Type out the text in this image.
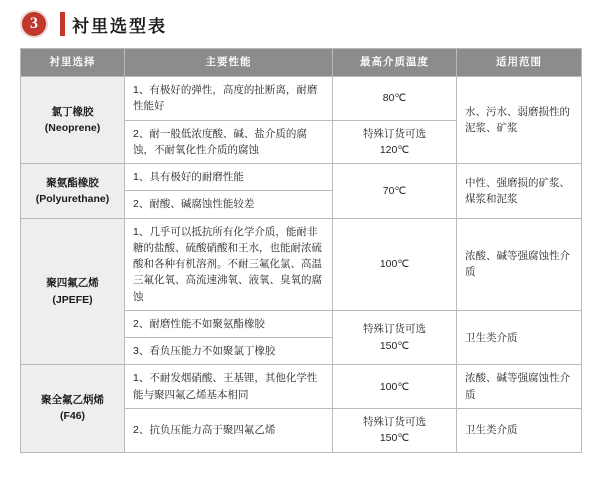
3	衬里选型表
衬里选择	主要性能	最高介质温度	适用范围

氯丁橡胶
(Neoprene)	1、有极好的弹性，高度的扯断离，耐磨性能好	80℃	水、污水、弱磨损性的泥浆、矿浆
	2、耐一般低浓度酸、碱、盐介质的腐蚀，不耐氧化性介质的腐蚀	特殊订货可选
120℃	

聚氨酯橡胶
(Polyurethane)
	1、具有极好的耐磨性能	70℃	
中性、强磨损的矿浆、
煤浆和泥浆

	2、耐酸、碱腐蚀性能较差		

聚四氟乙烯
(JPEFE)	1、几乎可以抵抗所有化学介质，能耐非糖的盐酸、硫酸硝酸和王水，也能耐浓硫酸和各种有机溶剂。不耐三氟化氯、高温三氟化氧、高流速沸氧、液氧、臭氧的腐蚀	100℃	浓酸、碱等强腐蚀性介质
	2、耐磨性能不如聚氨酯橡胶	特殊订货可选
150℃	卫生类介质
	3、看负压能力不如聚氯丁橡胶		

聚全氟乙炳烯
(F46)	1、不耐发烟硝酸、王基锂，其他化学性能与聚四氟乙烯基本相同	100℃	浓酸、碱等强腐蚀性介质
	2、抗负压能力高于聚四氟乙烯	特殊订货可选
150℃	卫生类介质
